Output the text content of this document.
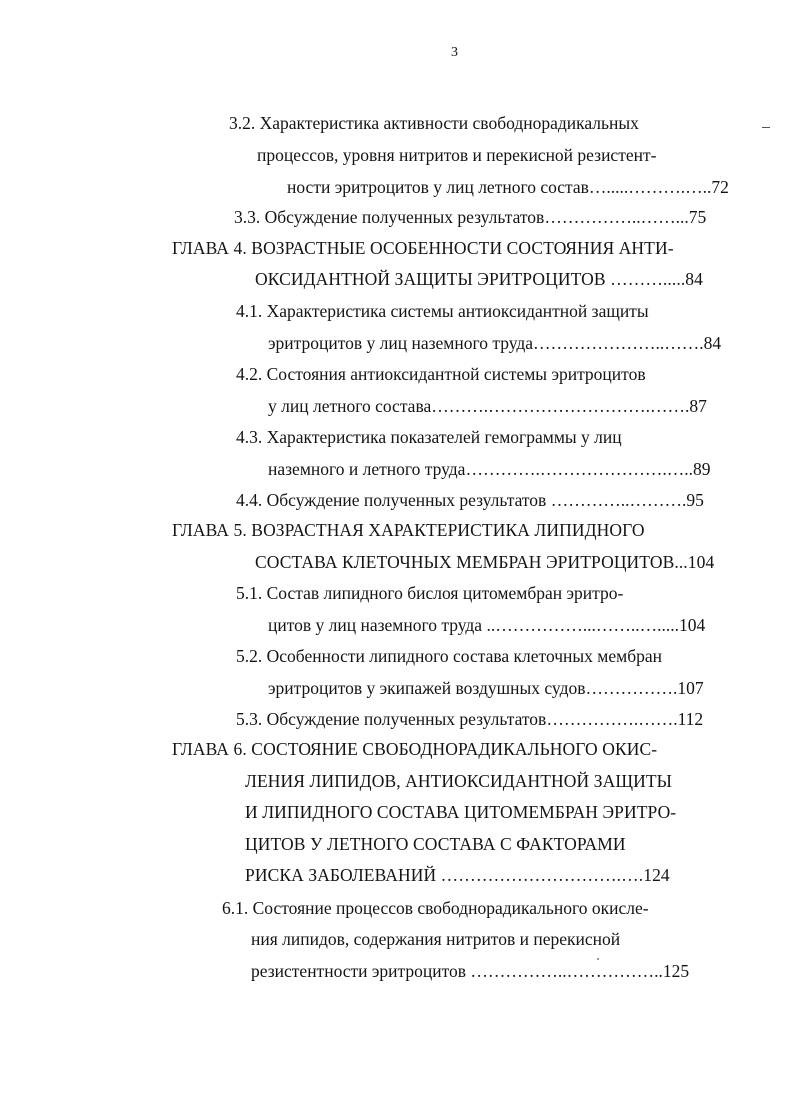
3
3.2. Характеристика активности свободнорадикальных
процессов, уровня нитритов и перекисной резистент-
ности эритроцитов у лиц летного состав….....……….…..72
3.3. Обсуждение полученных результатов……………..……...75
ГЛАВА 4. ВОЗРАСТНЫЕ ОСОБЕННОСТИ СОСТОЯНИЯ АНТИ-
ОКСИДАНТНОЙ ЗАЩИТЫ ЭРИТРОЦИТОВ ……….....84
4.1. Характеристика системы антиоксидантной защиты
эритроцитов у лиц наземного труда…………………..…….84
4.2. Состояния антиоксидантной системы эритроцитов
у лиц летного состава……….……………………….…….87
4.3. Характеристика показателей гемограммы у лиц
наземного и летного труда………….………………….…..89
4.4. Обсуждение полученных результатов …………..……….95
ГЛАВА 5. ВОЗРАСТНАЯ ХАРАКТЕРИСТИКА ЛИПИДНОГО
СОСТАВА КЛЕТОЧНЫХ МЕМБРАН ЭРИТРОЦИТОВ...104
5.1. Состав липидного бислоя цитомембран эритро-
цитов у лиц наземного труда ..……………...……..….....104
5.2. Особенности липидного состава клеточных мембран
эритроцитов у экипажей воздушных судов…………….107
5.3. Обсуждение полученных результатов…………….…….112
ГЛАВА 6. СОСТОЯНИЕ СВОБОДНОРАДИКАЛЬНОГО ОКИС-
ЛЕНИЯ ЛИПИДОВ, АНТИОКСИДАНТНОЙ ЗАЩИТЫ
И ЛИПИДНОГО СОСТАВА ЦИТОМЕМБРАН ЭРИТРО-
ЦИТОВ У ЛЕТНОГО СОСТАВА С ФАКТОРАМИ
РИСКА ЗАБОЛЕВАНИЙ ………………………….….124
6.1. Состояние процессов свободнорадикального окисле-
ния липидов, содержания нитритов и перекисной
резистентности эритроцитов ……………..……………..125
